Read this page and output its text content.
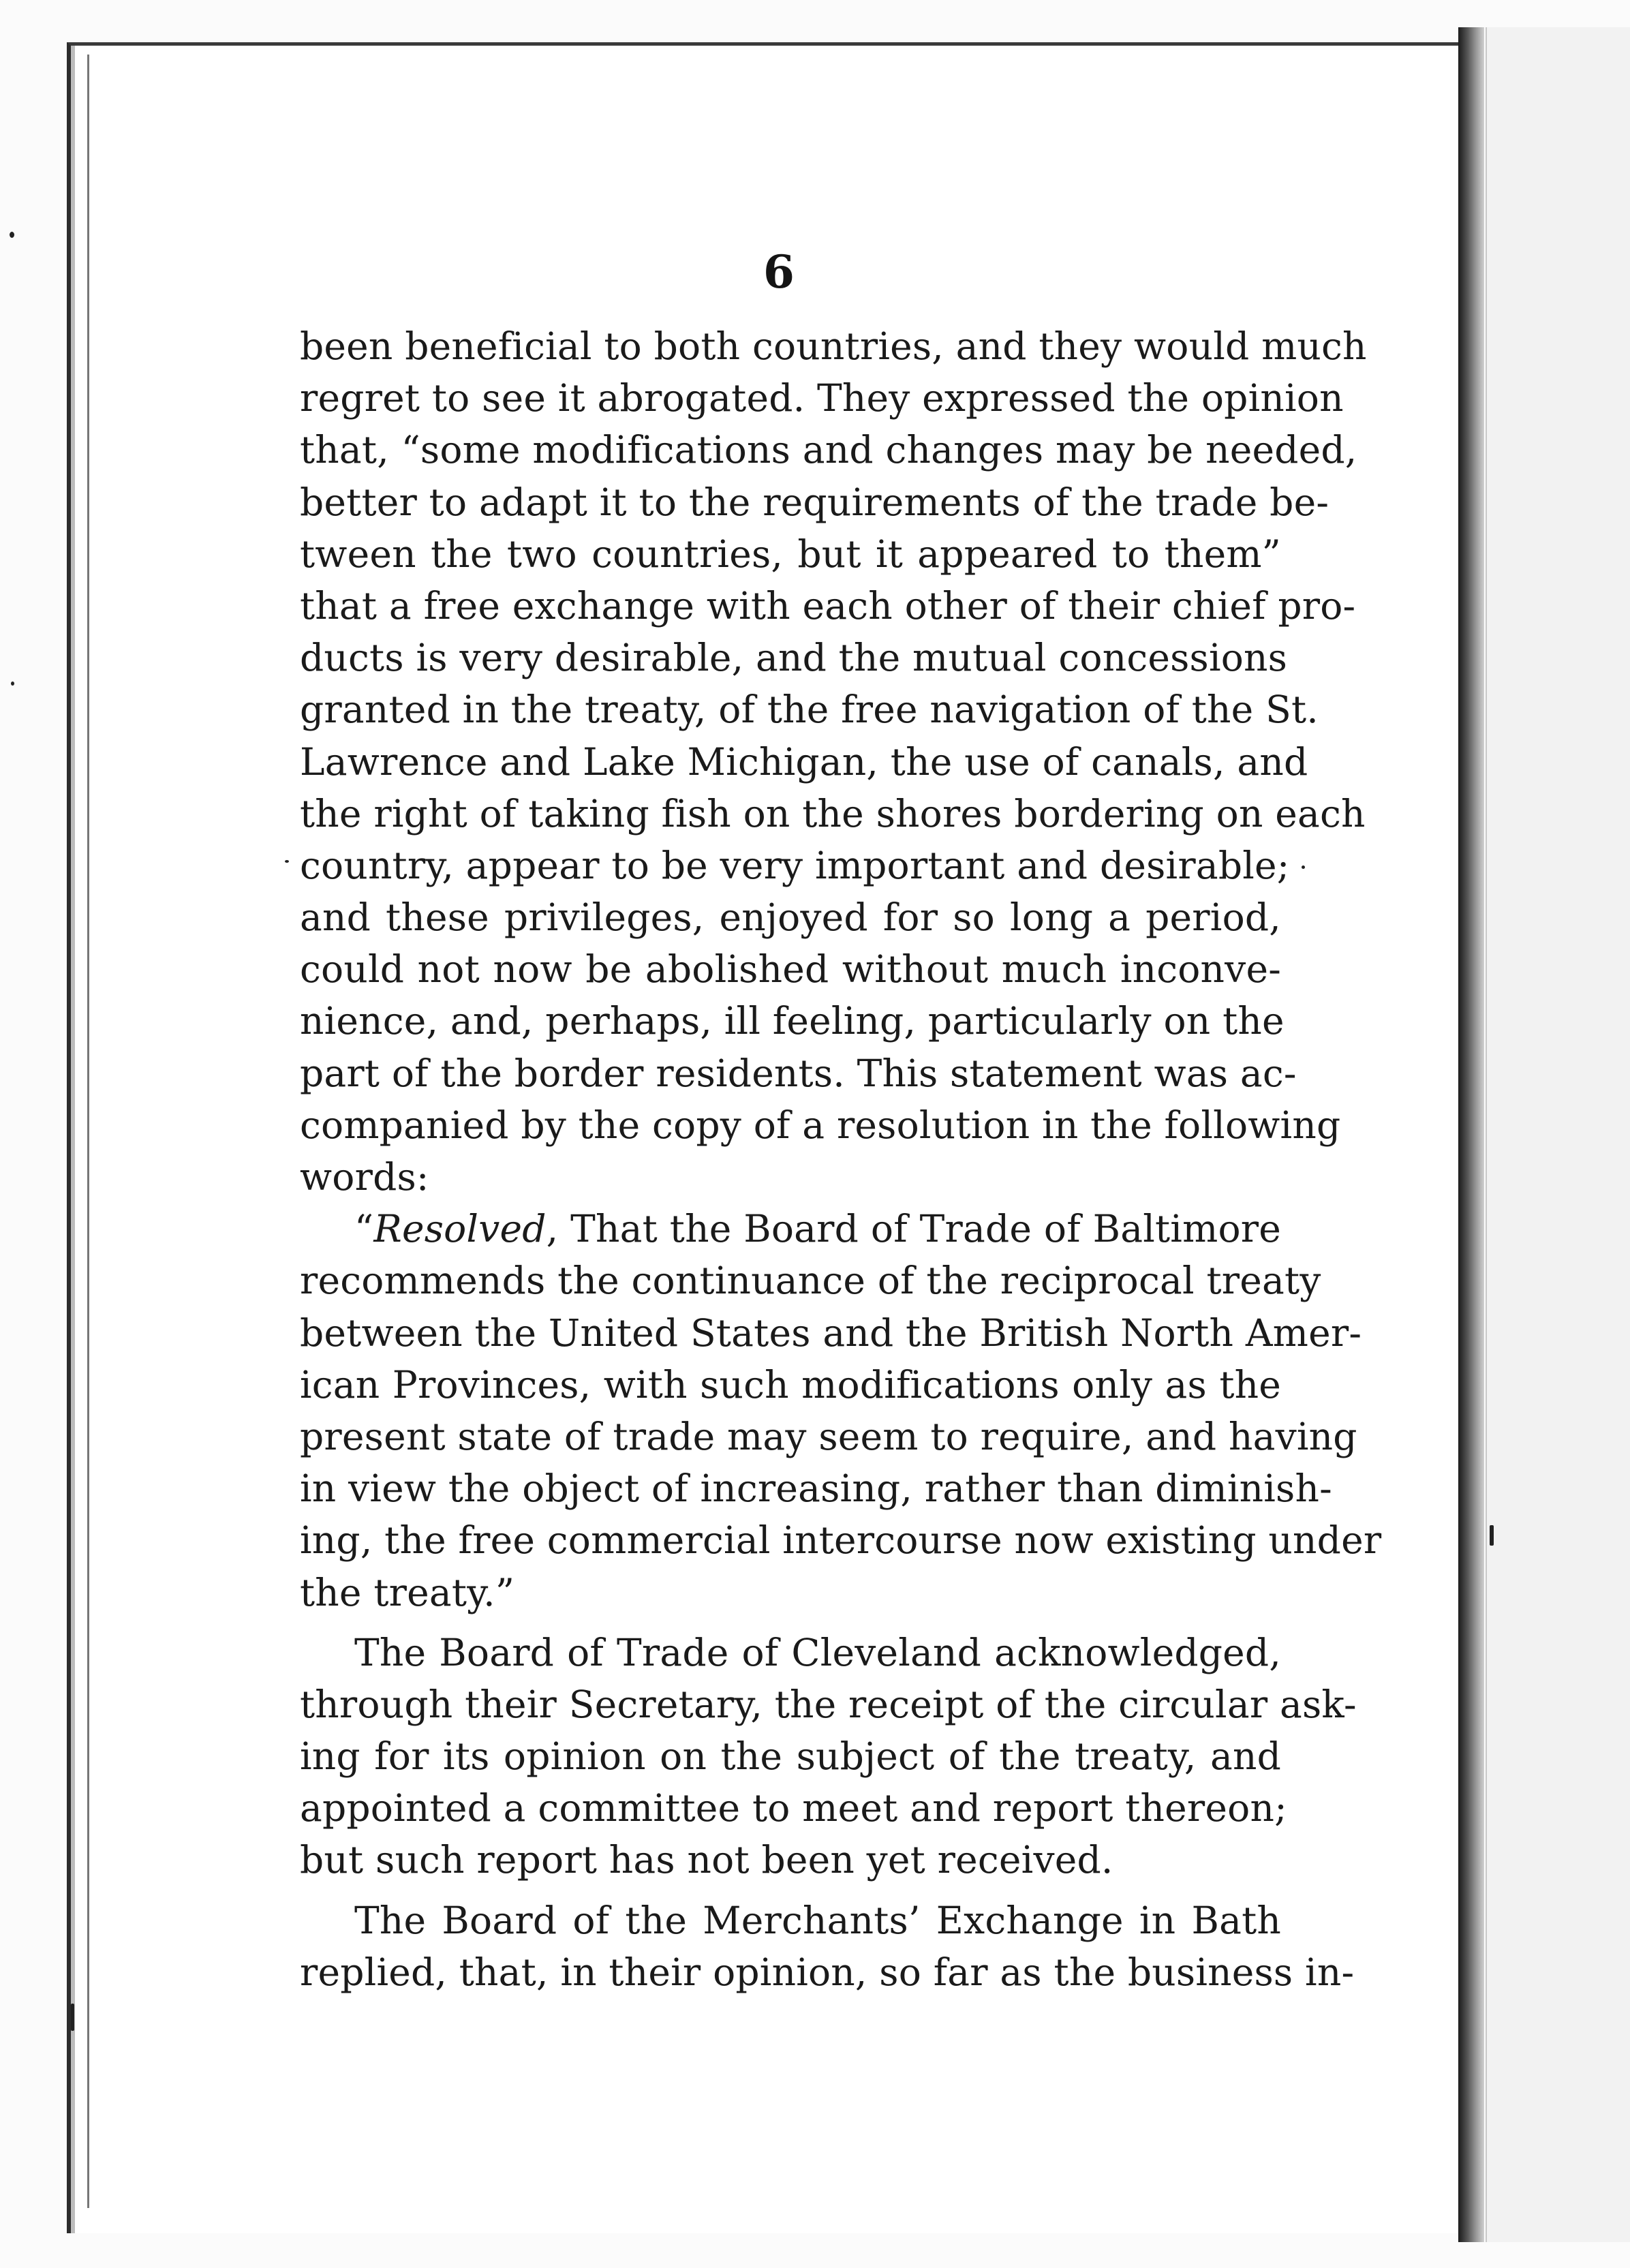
6
been beneficial to both countries, and they would much
regret to see it abrogated. They expressed the opinion
that, “some modifications and changes may be needed,
better to adapt it to the requirements of the trade be-
tween the two countries, but it appeared to them”
that a free exchange with each other of their chief pro-
ducts is very desirable, and the mutual concessions
granted in the treaty, of the free navigation of the St.
Lawrence and Lake Michigan, the use of canals, and
the right of taking fish on the shores bordering on each
country, appear to be very important and desirable;
and these privileges, enjoyed for so long a period,
could not now be abolished without much inconve-
nience, and, perhaps, ill feeling, particularly on the
part of the border residents. This statement was ac-
companied by the copy of a resolution in the following
words:
“Resolved, That the Board of Trade of Baltimore
recommends the continuance of the reciprocal treaty
between the United States and the British North Amer-
ican Provinces, with such modifications only as the
present state of trade may seem to require, and having
in view the object of increasing, rather than diminish-
ing, the free commercial intercourse now existing under
the treaty.”
The Board of Trade of Cleveland acknowledged,
through their Secretary, the receipt of the circular ask-
ing for its opinion on the subject of the treaty, and
appointed a committee to meet and report thereon;
but such report has not been yet received.
The Board of the Merchants’ Exchange in Bath
replied, that, in their opinion, so far as the business in-
